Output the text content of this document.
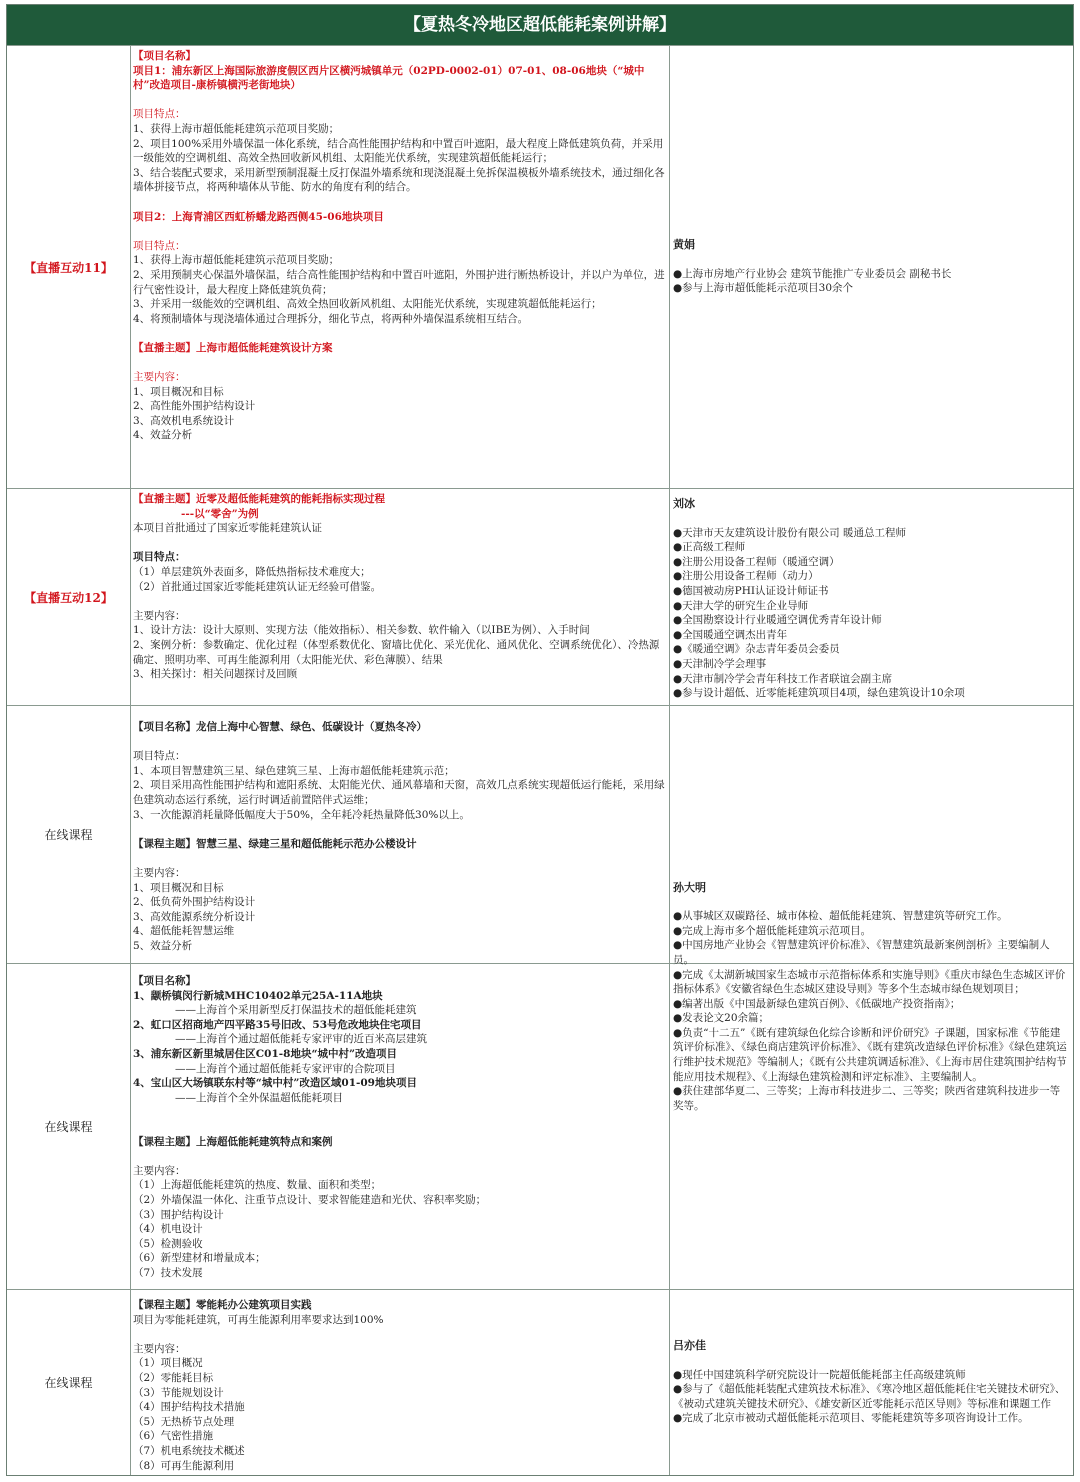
【夏热冬冷地区超低能耗案例讲解】
【直播互动11】

【项目名称】

项目1：浦东新区上海国际旅游度假区西片区横沔城镇单元（02PD-0002-01）07-01、08-06地块（“城中村”改造项目-康桥镇横沔老街地块）

项目特点：

1、获得上海市超低能耗建筑示范项目奖励；

2、项目100%采用外墙保温一体化系统，结合高性能围护结构和中置百叶遮阳，最大程度上降低建筑负荷，并采用一级能效的空调机组、高效全热回收新风机组、太阳能光伏系统，实现建筑超低能耗运行；

3、结合装配式要求，采用新型预制混凝土反打保温外墙系统和现浇混凝土免拆保温模板外墙系统技术，通过细化各墙体拼接节点，将两种墙体从节能、防水的角度有利的结合。

项目2：上海青浦区西虹桥蟠龙路西侧45-06地块项目

项目特点：

1、获得上海市超低能耗建筑示范项目奖励；

2、采用预制夹心保温外墙保温，结合高性能围护结构和中置百叶遮阳，外围护进行断热桥设计，并以户为单位，进行气密性设计，最大程度上降低建筑负荷；

3、并采用一级能效的空调机组、高效全热回收新风机组、太阳能光伏系统，实现建筑超低能耗运行；

4、将预制墙体与现浇墙体通过合理拆分，细化节点，将两种外墙保温系统相互结合。

【直播主题】上海市超低能耗建筑设计方案

主要内容：

1、项目概况和目标

2、高性能外围护结构设计

3、高效机电系统设计

4、效益分析

黄娟

●上海市房地产行业协会 建筑节能推广专业委员会 副秘书长

●参与上海市超低能耗示范项目30余个

【直播互动12】

【直播主题】近零及超低能耗建筑的能耗指标实现过程

---以“零舍”为例

本项目首批通过了国家近零能耗建筑认证

项目特点：

（1）单层建筑外表面多，降低热指标技术难度大；

（2）首批通过国家近零能耗建筑认证无经验可借鉴。

主要内容：

1、设计方法：设计大原则、实现方法（能效指标）、相关参数、软件输入（以IBE为例）、入手时间

2、案例分析：参数确定、优化过程（体型系数优化、窗墙比优化、采光优化、通风优化、空调系统优化）、冷热源确定、照明功率、可再生能源利用（太阳能光伏、彩色薄膜）、结果

3、相关探讨：相关问题探讨及回顾

刘冰

●天津市天友建筑设计股份有限公司 暖通总工程师

●正高级工程师

●注册公用设备工程师（暖通空调）

●注册公用设备工程师（动力）

●德国被动房PHI认证设计师证书

●天津大学的研究生企业导师

●全国勘察设计行业暖通空调优秀青年设计师

●全国暖通空调杰出青年

●《暖通空调》杂志青年委员会委员

●天津制冷学会理事

●天津市制冷学会青年科技工作者联谊会副主席

●参与设计超低、近零能耗建筑项目4项，绿色建筑设计10余项

在线课程

【项目名称】龙信上海中心智慧、绿色、低碳设计（夏热冬冷）

项目特点：

1、本项目智慧建筑三星、绿色建筑三星、上海市超低能耗建筑示范；

2、项目采用高性能围护结构和遮阳系统、太阳能光伏、通风幕墙和天窗，高效几点系统实现超低运行能耗，采用绿色建筑动态运行系统，运行时调适前置陪伴式运维；

3、一次能源消耗量降低幅度大于50%，全年耗冷耗热量降低30%以上。

【课程主题】智慧三星、绿建三星和超低能耗示范办公楼设计

主要内容：

1、项目概况和目标

2、低负荷外围护结构设计

3、高效能源系统分析设计

4、超低能耗智慧运维

5、效益分析

在线课程

【项目名称】

1、颛桥镇闵行新城MHC10402单元25A-11A地块

——上海首个采用新型反打保温技术的超低能耗建筑

2、虹口区招商地产四平路35号旧改、53号危改地块住宅项目

——上海首个通过超低能耗专家评审的近百米高层建筑

3、浦东新区新里城居住区C01-8地块“城中村”改造项目

——上海首个通过超低能耗专家评审的合院项目

4、宝山区大场镇联东村等“城中村”改造区域01-09地块项目

——上海首个全外保温超低能耗项目

【课程主题】上海超低能耗建筑特点和案例

主要内容：

（1）上海超低能耗建筑的热度、数量、面积和类型；

（2）外墙保温一体化、注重节点设计、要求智能建造和光伏、容积率奖励；

（3）围护结构设计

（4）机电设计

（5）检测验收

（6）新型建材和增量成本；

（7）技术发展

孙大明

●从事城区双碳路径、城市体检、超低能耗建筑、智慧建筑等研究工作。

●完成上海市多个超低能耗建筑示范项目。

●中国房地产业协会《智慧建筑评价标准》、《智慧建筑最新案例剖析》主要编制人员。

●完成《太湖新城国家生态城市示范指标体系和实施导则》《重庆市绿色生态城区评价指标体系》《安徽省绿色生态城区建设导则》等多个生态城市绿色规划项目；

●编著出版《中国最新绿色建筑百例》、《低碳地产投资指南》；

●发表论文20余篇；

●负责“十二五”《既有建筑绿色化综合诊断和评价研究》子课题，国家标准《节能建筑评价标准》、《绿色商店建筑评价标准》、《既有建筑改造绿色评价标准》《绿色建筑运行维护技术规范》等编制人；《既有公共建筑调适标准》、《上海市居住建筑围护结构节能应用技术规程》、《上海绿色建筑检测和评定标准》、主要编制人。

●获住建部华夏二、三等奖；上海市科技进步二、三等奖；陕西省建筑科技进步一等奖等。

在线课程

【课程主题】零能耗办公建筑项目实践

项目为零能耗建筑，可再生能源利用率要求达到100%

主要内容：

（1）项目概况

（2）零能耗目标

（3）节能规划设计

（4）围护结构技术措施

（5）无热桥节点处理

（6）气密性措施

（7）机电系统技术概述

（8）可再生能源利用

吕亦佳

●现任中国建筑科学研究院设计一院超低能耗部主任高级建筑师

●参与了《超低能耗装配式建筑技术标准》、《寒冷地区超低能耗住宅关键技术研究》、《被动式建筑关键技术研究》、《雄安新区近零能耗示范区导则》等标准和课题工作

●完成了北京市被动式超低能耗示范项目、零能耗建筑等多项咨询设计工作。
